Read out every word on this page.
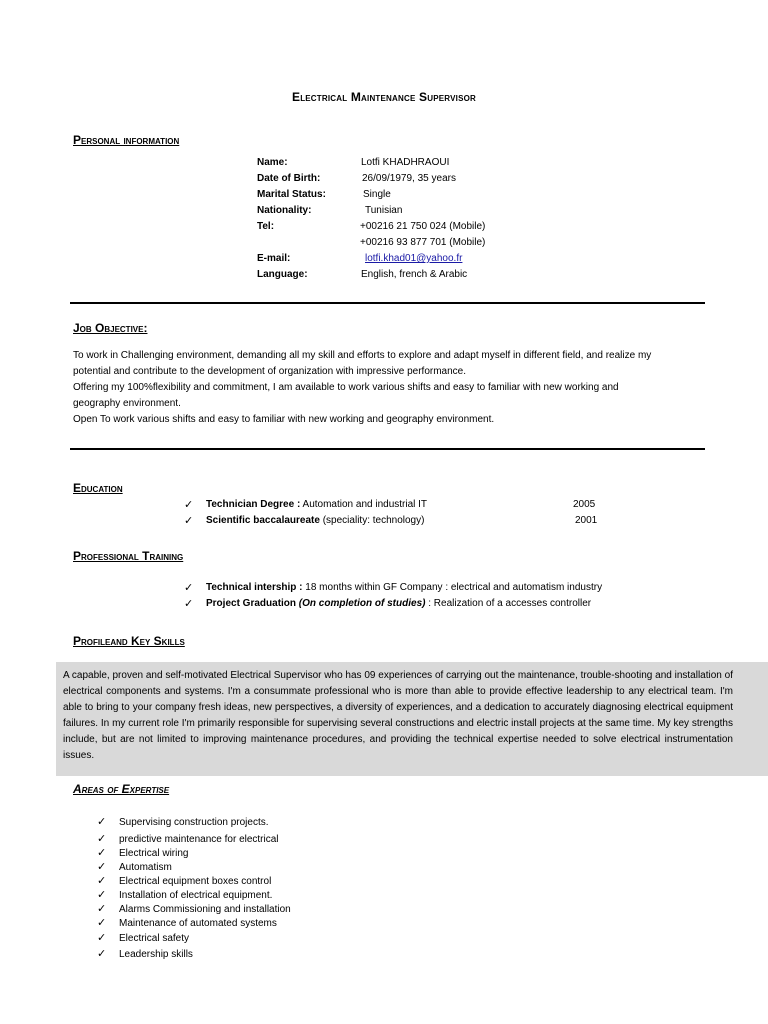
Electrical Maintenance Supervisor
Personal information
Name:	Lotfi KHADHRAOUI
Date of Birth:	26/09/1979, 35 years
Marital Status:	Single
Nationality:	Tunisian
Tel:	+00216 21 750 024 (Mobile)
+00216 93 877 701 (Mobile)
E-mail:	lotfi.khad01@yahoo.fr
Language:	English, french & Arabic
Job Objective:
To work in Challenging environment, demanding all my skill and efforts to explore and adapt myself in different field, and realize my
potential and contribute to the development of organization with impressive performance.
Offering my 100%flexibility and commitment, I am available to work various shifts and easy to familiar with new working and
geography environment.
Open To work various shifts and easy to familiar with new working and geography environment.
Education
✓ Technician Degree : Automation and industrial IT	2005
✓ Scientific baccalaureate (speciality: technology)	2001
Professional Training
✓ Technical intership : 18 months within GF Company : electrical and automatism industry
✓ Project Graduation (On completion of studies) : Realization of a accesses controller
Profileand Key Skills
A capable, proven and self-motivated Electrical Supervisor who has 09 experiences of carrying out the maintenance, trouble-shooting and installation of electrical components and systems. I'm a consummate professional who is more than able to provide effective leadership to any electrical team. I'm able to bring to your company fresh ideas, new perspectives, a diversity of experiences, and a dedication to accurately diagnosing electrical equipment failures. In my current role I'm primarily responsible for supervising several constructions and electric install projects at the same time. My key strengths include, but are not limited to improving maintenance procedures, and providing the technical expertise needed to solve electrical instrumentation issues.
Areas of Expertise
✓ Supervising construction projects.
✓ predictive maintenance for electrical
✓ Electrical wiring
✓ Automatism
✓ Electrical equipment boxes control
✓ Installation of electrical equipment.
✓ Alarms Commissioning and installation
✓ Maintenance of automated systems
✓ Electrical safety
✓ Leadership skills
